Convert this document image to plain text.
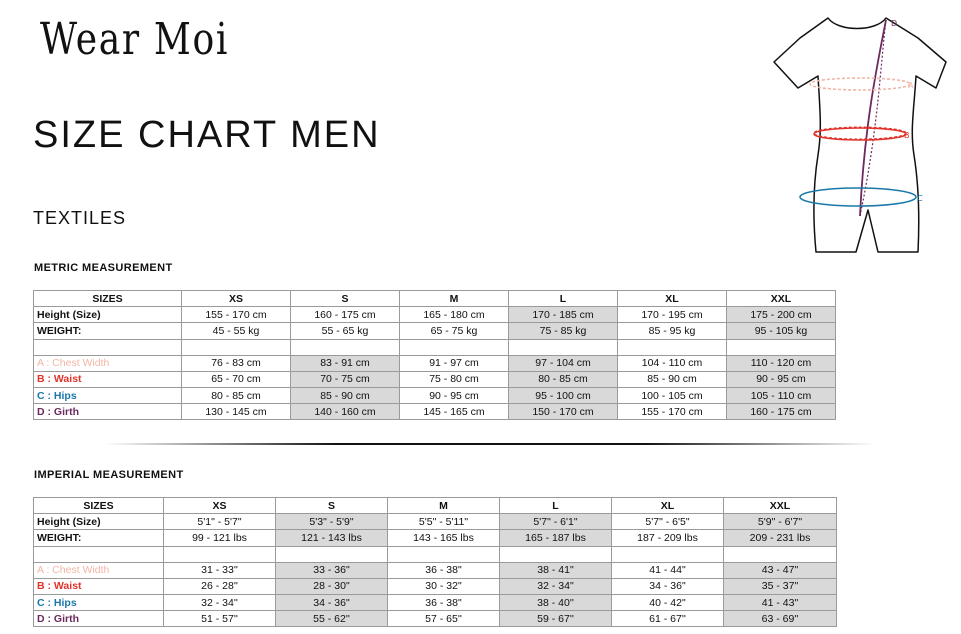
Wear Moi
SIZE CHART MEN
TEXTILES
D
A
B
C
METRIC MEASUREMENT
SIZES	XS	S	M	L	XL	XXL
Height (Size)	155 - 170 cm	160 - 175 cm	165 - 180 cm	170 - 185 cm	170 - 195 cm	175 - 200 cm
WEIGHT:	45 - 55 kg	55 - 65 kg	65 - 75 kg	75 - 85 kg	85 - 95 kg	95 - 105 kg

A : Chest Width	76 - 83 cm	83 - 91 cm	91 - 97 cm	97 - 104 cm	104 - 110 cm	110 - 120 cm
B : Waist	65 - 70 cm	70 - 75 cm	75 - 80 cm	80 - 85 cm	85 - 90 cm	90 - 95 cm
C : Hips	80 - 85 cm	85 - 90 cm	90 - 95 cm	95 - 100 cm	100 - 105 cm	105 - 110 cm
D : Girth	130 - 145 cm	140 - 160 cm	145 - 165 cm	150 - 170 cm	155 - 170 cm	160 - 175 cm
IMPERIAL MEASUREMENT
SIZES	XS	S	M	L	XL	XXL
Height (Size)	5'1" - 5'7"	5'3" - 5'9"	5'5" - 5'11"	5'7" - 6'1"	5'7" - 6'5"	5'9" - 6'7"
WEIGHT:	99 - 121 lbs	121 - 143 lbs	143 - 165 lbs	165 - 187 lbs	187 - 209 lbs	209 - 231 lbs

A : Chest Width	31 - 33''	33 - 36"	36 - 38"	38 - 41"	41 - 44"	43 - 47"
B : Waist	26 - 28''	28 - 30"	30 - 32"	32 - 34"	34 - 36"	35 - 37"
C : Hips	32 - 34''	34 - 36"	36 - 38"	38 - 40''	40 - 42"	41 - 43"
D : Girth	51 - 57''	55 - 62''	57 - 65''	59 - 67''	61 - 67''	63 - 69''
